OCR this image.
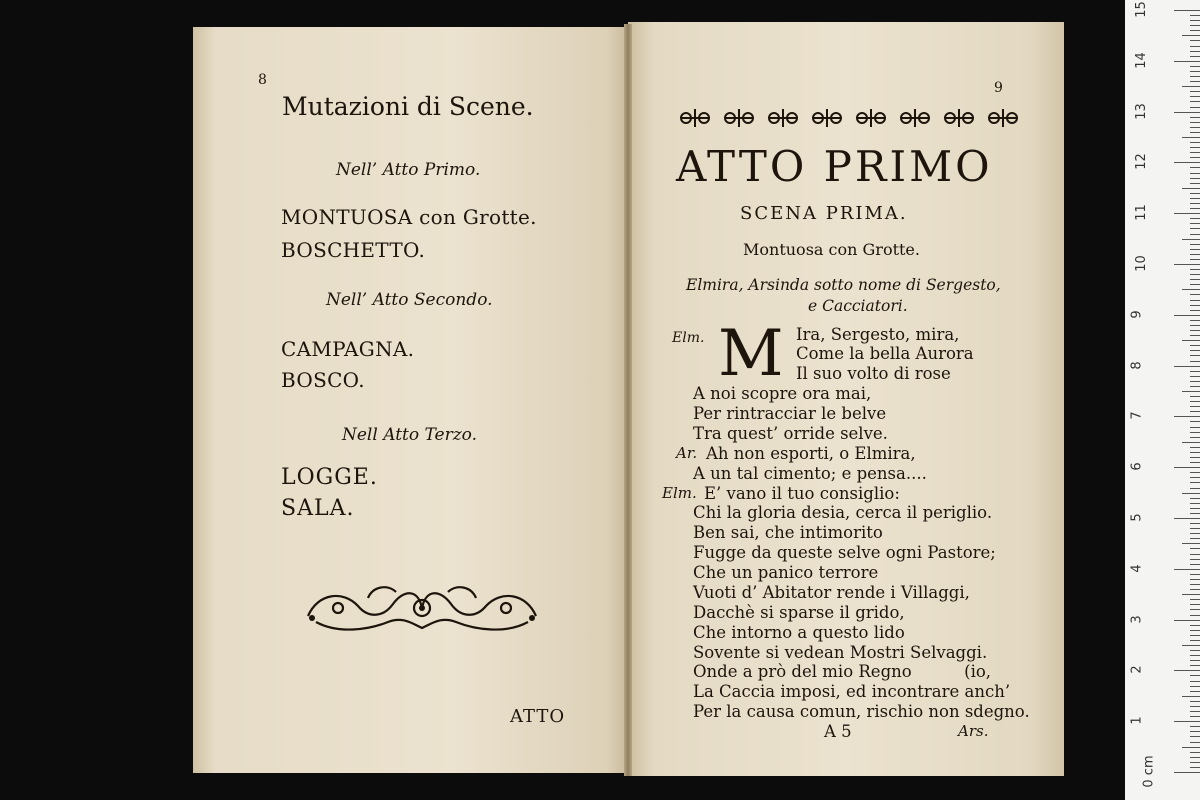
8
Mutazioni di Scene.
Nell’ Atto Primo.
MONTUOSA con Grotte.
BOSCHETTO.
Nell’ Atto Secondo.
CAMPAGNA.
BOSCO.
Nell Atto Terzo.
LOGGE.
SALA.
ATTO
9
ATTO PRIMO
SCENA PRIMA.
Montuosa con Grotte.
Elmira, Arsinda sotto nome di Sergesto,
e Cacciatori.
Elm. M Ira, Sergesto, mira,
Come la bella Aurora
Il suo volto di rose
A noi scopre ora mai,
Per rintracciar le belve
Tra quest’ orride selve.
Ar. Ah non esporti, o Elmira,
A un tal cimento; e pensa....
Elm. E’ vano il tuo consiglio:
Chi la gloria desia, cerca il periglio.
Ben sai, che intimorito
Fugge da queste selve ogni Pastore;
Che un panico terrore
Vuoti d’ Abitator rende i Villaggi,
Dacchè si sparse il grido,
Che intorno a questo lido
Sovente si vedean Mostri Selvaggi.
Onde a prò del mio Regno          (io,
La Caccia imposi, ed incontrare anch’
Per la causa comun, rischio non sdegno.
A 5	Ars.
0 cm
1
2
3
4
5
6
7
8
9
10
11
12
13
14
15
